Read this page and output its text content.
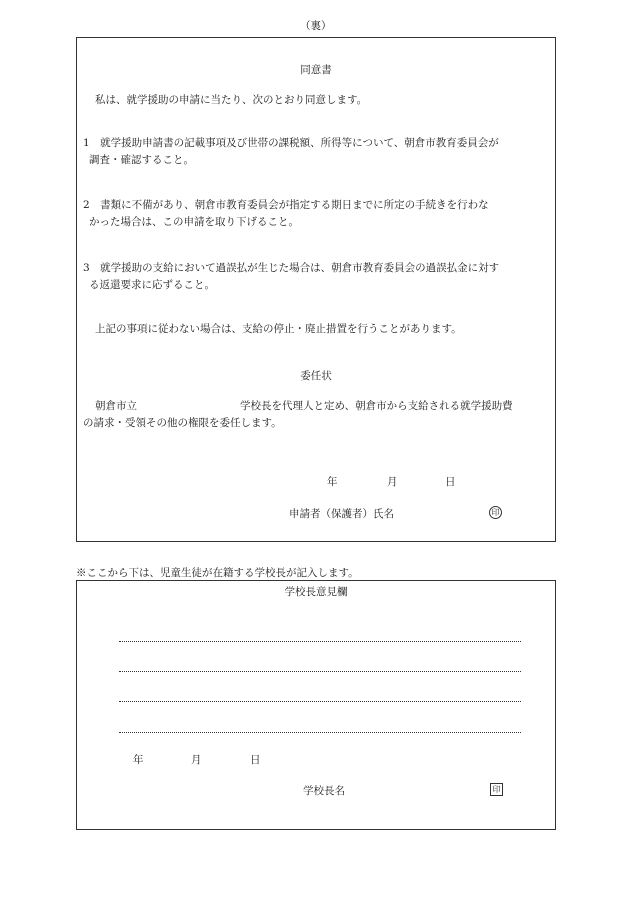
（裏）
同意書
私は、就学援助の申請に当たり、次のとおり同意します。
1　就学援助申請書の記載事項及び世帯の課税額、所得等について、朝倉市教育委員会が
調査・確認すること。
2　書類に不備があり、朝倉市教育委員会が指定する期日までに所定の手続きを行わな
かった場合は、この申請を取り下げること。
3　就学援助の支給において過誤払が生じた場合は、朝倉市教育委員会の過誤払金に対す
る返還要求に応ずること。
上記の事項に従わない場合は、支給の停止・廃止措置を行うことがあります。
委任状
朝倉市立	学校長を代理人と定め、朝倉市から支給される就学援助費
の請求・受領その他の権限を委任します。
年	月	日
申請者（保護者）氏名	印
※ここから下は、児童生徒が在籍する学校長が記入します。
学校長意見欄
年	月	日
学校長名	印
